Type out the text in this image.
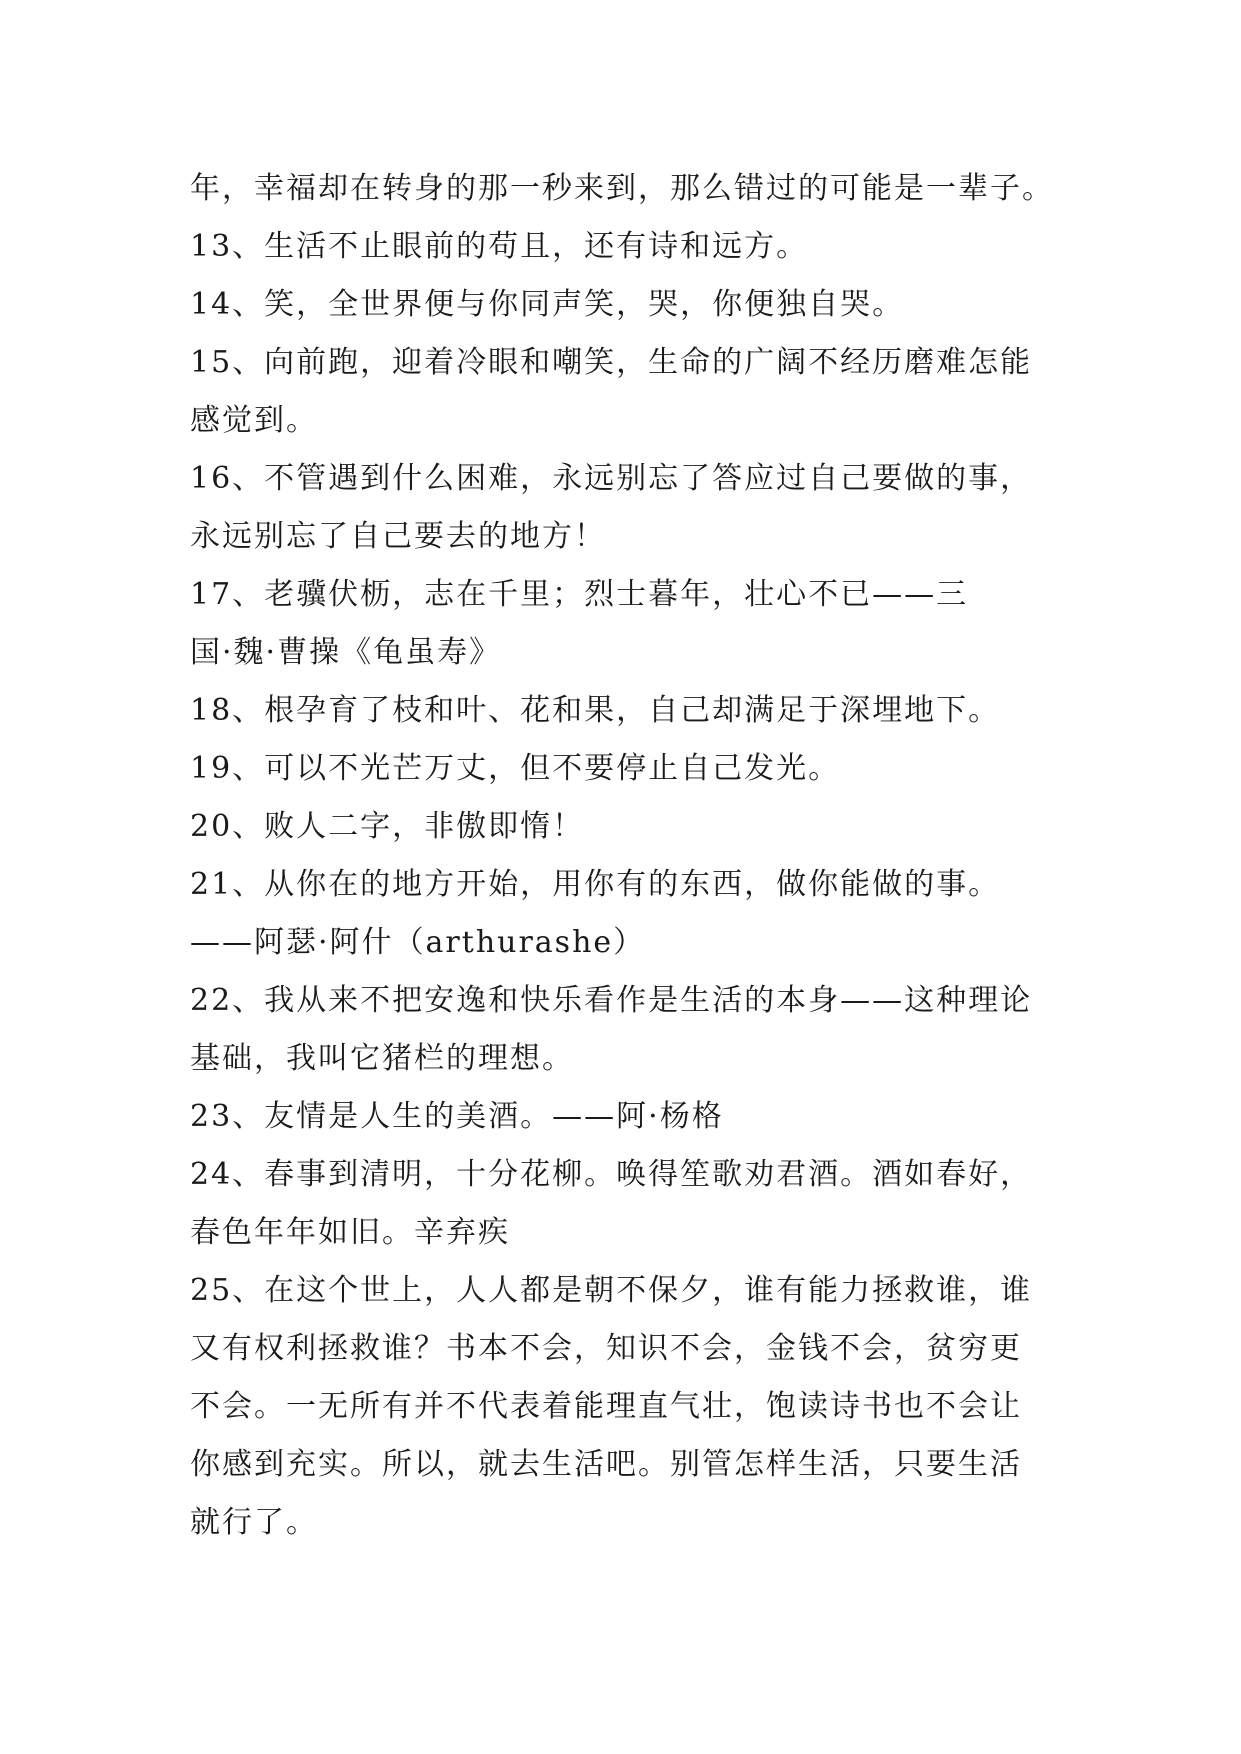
年，幸福却在转身的那一秒来到，那么错过的可能是一辈子。
13、生活不止眼前的苟且，还有诗和远方。
14、笑，全世界便与你同声笑，哭，你便独自哭。
15、向前跑，迎着冷眼和嘲笑，生命的广阔不经历磨难怎能
感觉到。
16、不管遇到什么困难，永远别忘了答应过自己要做的事，
永远别忘了自己要去的地方！
17、老骥伏枥，志在千里；烈士暮年，壮心不已——三
国·魏·曹操《龟虽寿》
18、根孕育了枝和叶、花和果，自己却满足于深埋地下。
19、可以不光芒万丈，但不要停止自己发光。
20、败人二字，非傲即惰！
21、从你在的地方开始，用你有的东西，做你能做的事。
——阿瑟·阿什（arthurashe）
22、我从来不把安逸和快乐看作是生活的本身——这种理论
基础，我叫它猪栏的理想。
23、友情是人生的美酒。——阿·杨格
24、春事到清明，十分花柳。唤得笙歌劝君酒。酒如春好，
春色年年如旧。辛弃疾
25、在这个世上，人人都是朝不保夕，谁有能力拯救谁，谁
又有权利拯救谁？书本不会，知识不会，金钱不会，贫穷更
不会。一无所有并不代表着能理直气壮，饱读诗书也不会让
你感到充实。所以，就去生活吧。别管怎样生活，只要生活
就行了。
